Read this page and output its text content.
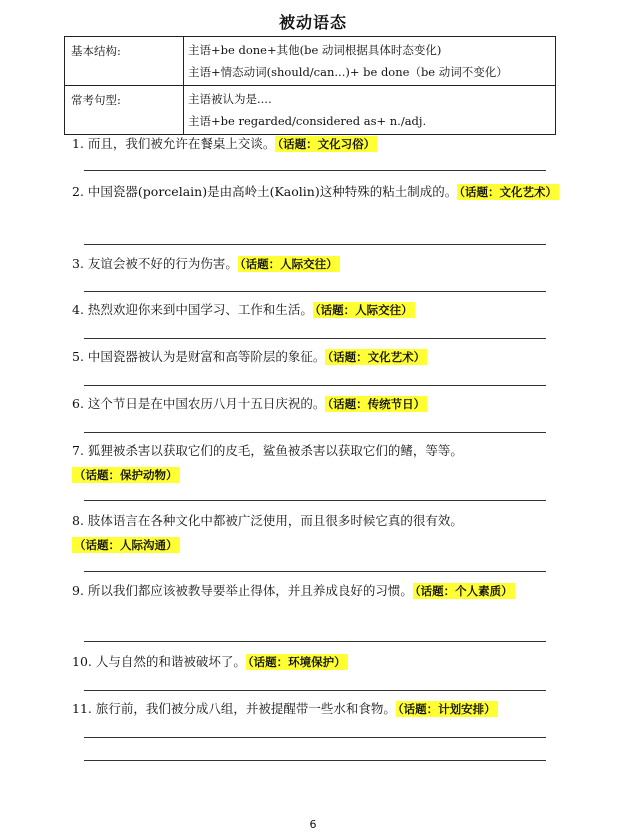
被动语态
基本结构:	主语+be done+其他(be 动词根据具体时态变化)
主语+情态动词(should/can...)+ be done（be 动词不变化）

常考句型:	主语被认为是....
主语+be regarded/considered as+ n./adj.
1. 而且，我们被允许在餐桌上交谈。 （话题：文化习俗）
2. 中国瓷器(porcelain)是由高岭土(Kaolin)这种特殊的粘土制成的。 （话题：文化艺术）
3. 友谊会被不好的行为伤害。 （话题：人际交往）
4. 热烈欢迎你来到中国学习、工作和生活。 （话题：人际交往）
5. 中国瓷器被认为是财富和高等阶层的象征。 （话题：文化艺术）
6. 这个节日是在中国农历八月十五日庆祝的。 （话题：传统节日）
7. 狐狸被杀害以获取它们的皮毛，鲨鱼被杀害以获取它们的鳍，等等。（话题：保护动物）
8. 肢体语言在各种文化中都被广泛使用，而且很多时候它真的很有效。（话题：人际沟通）
9. 所以我们都应该被教导要举止得体，并且养成良好的习惯。 （话题：个人素质）
10. 人与自然的和谐被破坏了。 （话题：环境保护）
11. 旅行前，我们被分成八组，并被提醒带一些水和食物。 （话题：计划安排）
6
